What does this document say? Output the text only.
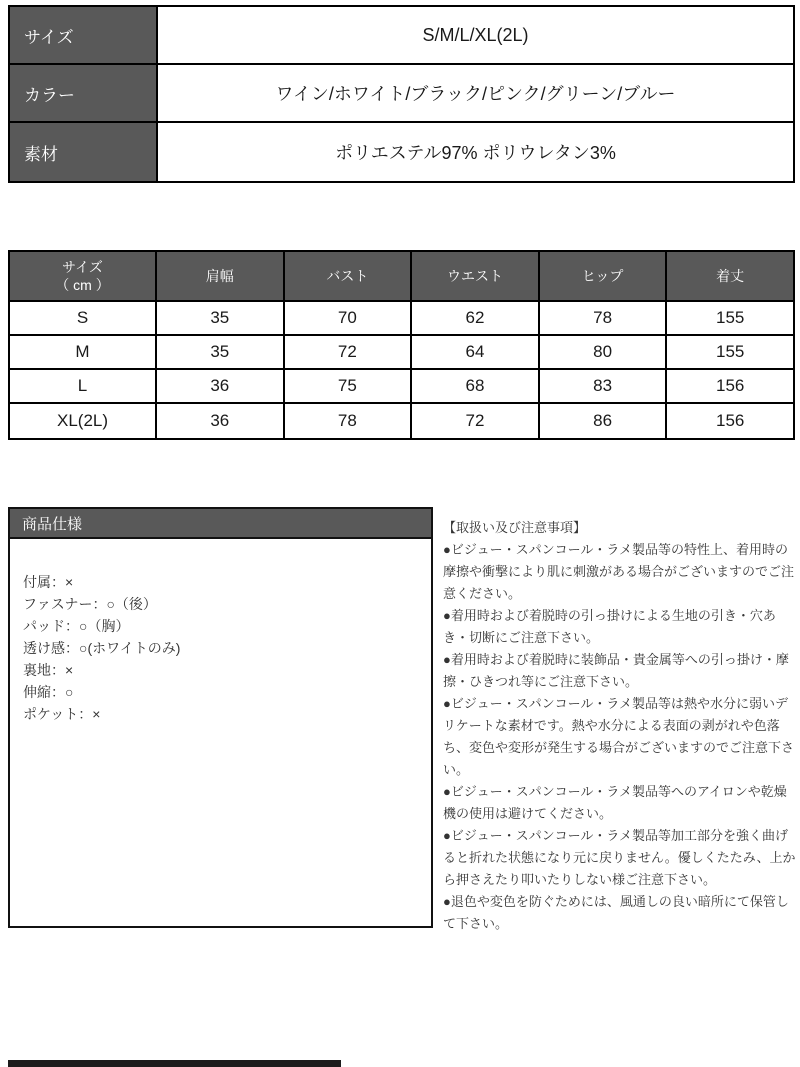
サイズ	S/M/L/XL(2L)
カラー	ワイン/ホワイト/ブラック/ピンク/グリーン/ブルー
素材	ポリエステル97% ポリウレタン3%
サイズ
（ cm ）
肩幅	バスト	ウエスト	ヒップ	着丈
S	35	70	62	78	155
M	35	72	64	80	155
L	36	75	68	83	156
XL(2L)	36	78	72	86	156
商品仕様
付属：×
ファスナー：○（後）
パッド：○（胸）
透け感：○(ホワイトのみ)
裏地：×
伸縮：○
ポケット：×
【取扱い及び注意事項】
●ビジュー・スパンコール・ラメ製品等の特性上、着用時の摩擦や衝撃により肌に刺激がある場合がございますのでご注意ください。
●着用時および着脱時の引っ掛けによる生地の引き・穴あき・切断にご注意下さい。
●着用時および着脱時に装飾品・貴金属等への引っ掛け・摩擦・ひきつれ等にご注意下さい。
●ビジュー・スパンコール・ラメ製品等は熱や水分に弱いデリケートな素材です。熱や水分による表面の剥がれや色落ち、変色や変形が発生する場合がございますのでご注意下さい。
●ビジュー・スパンコール・ラメ製品等へのアイロンや乾燥機の使用は避けてください。
●ビジュー・スパンコール・ラメ製品等加工部分を強く曲げると折れた状態になり元に戻りません。優しくたたみ、上から押さえたり叩いたりしない様ご注意下さい。
●退色や変色を防ぐためには、風通しの良い暗所にて保管して下さい。
